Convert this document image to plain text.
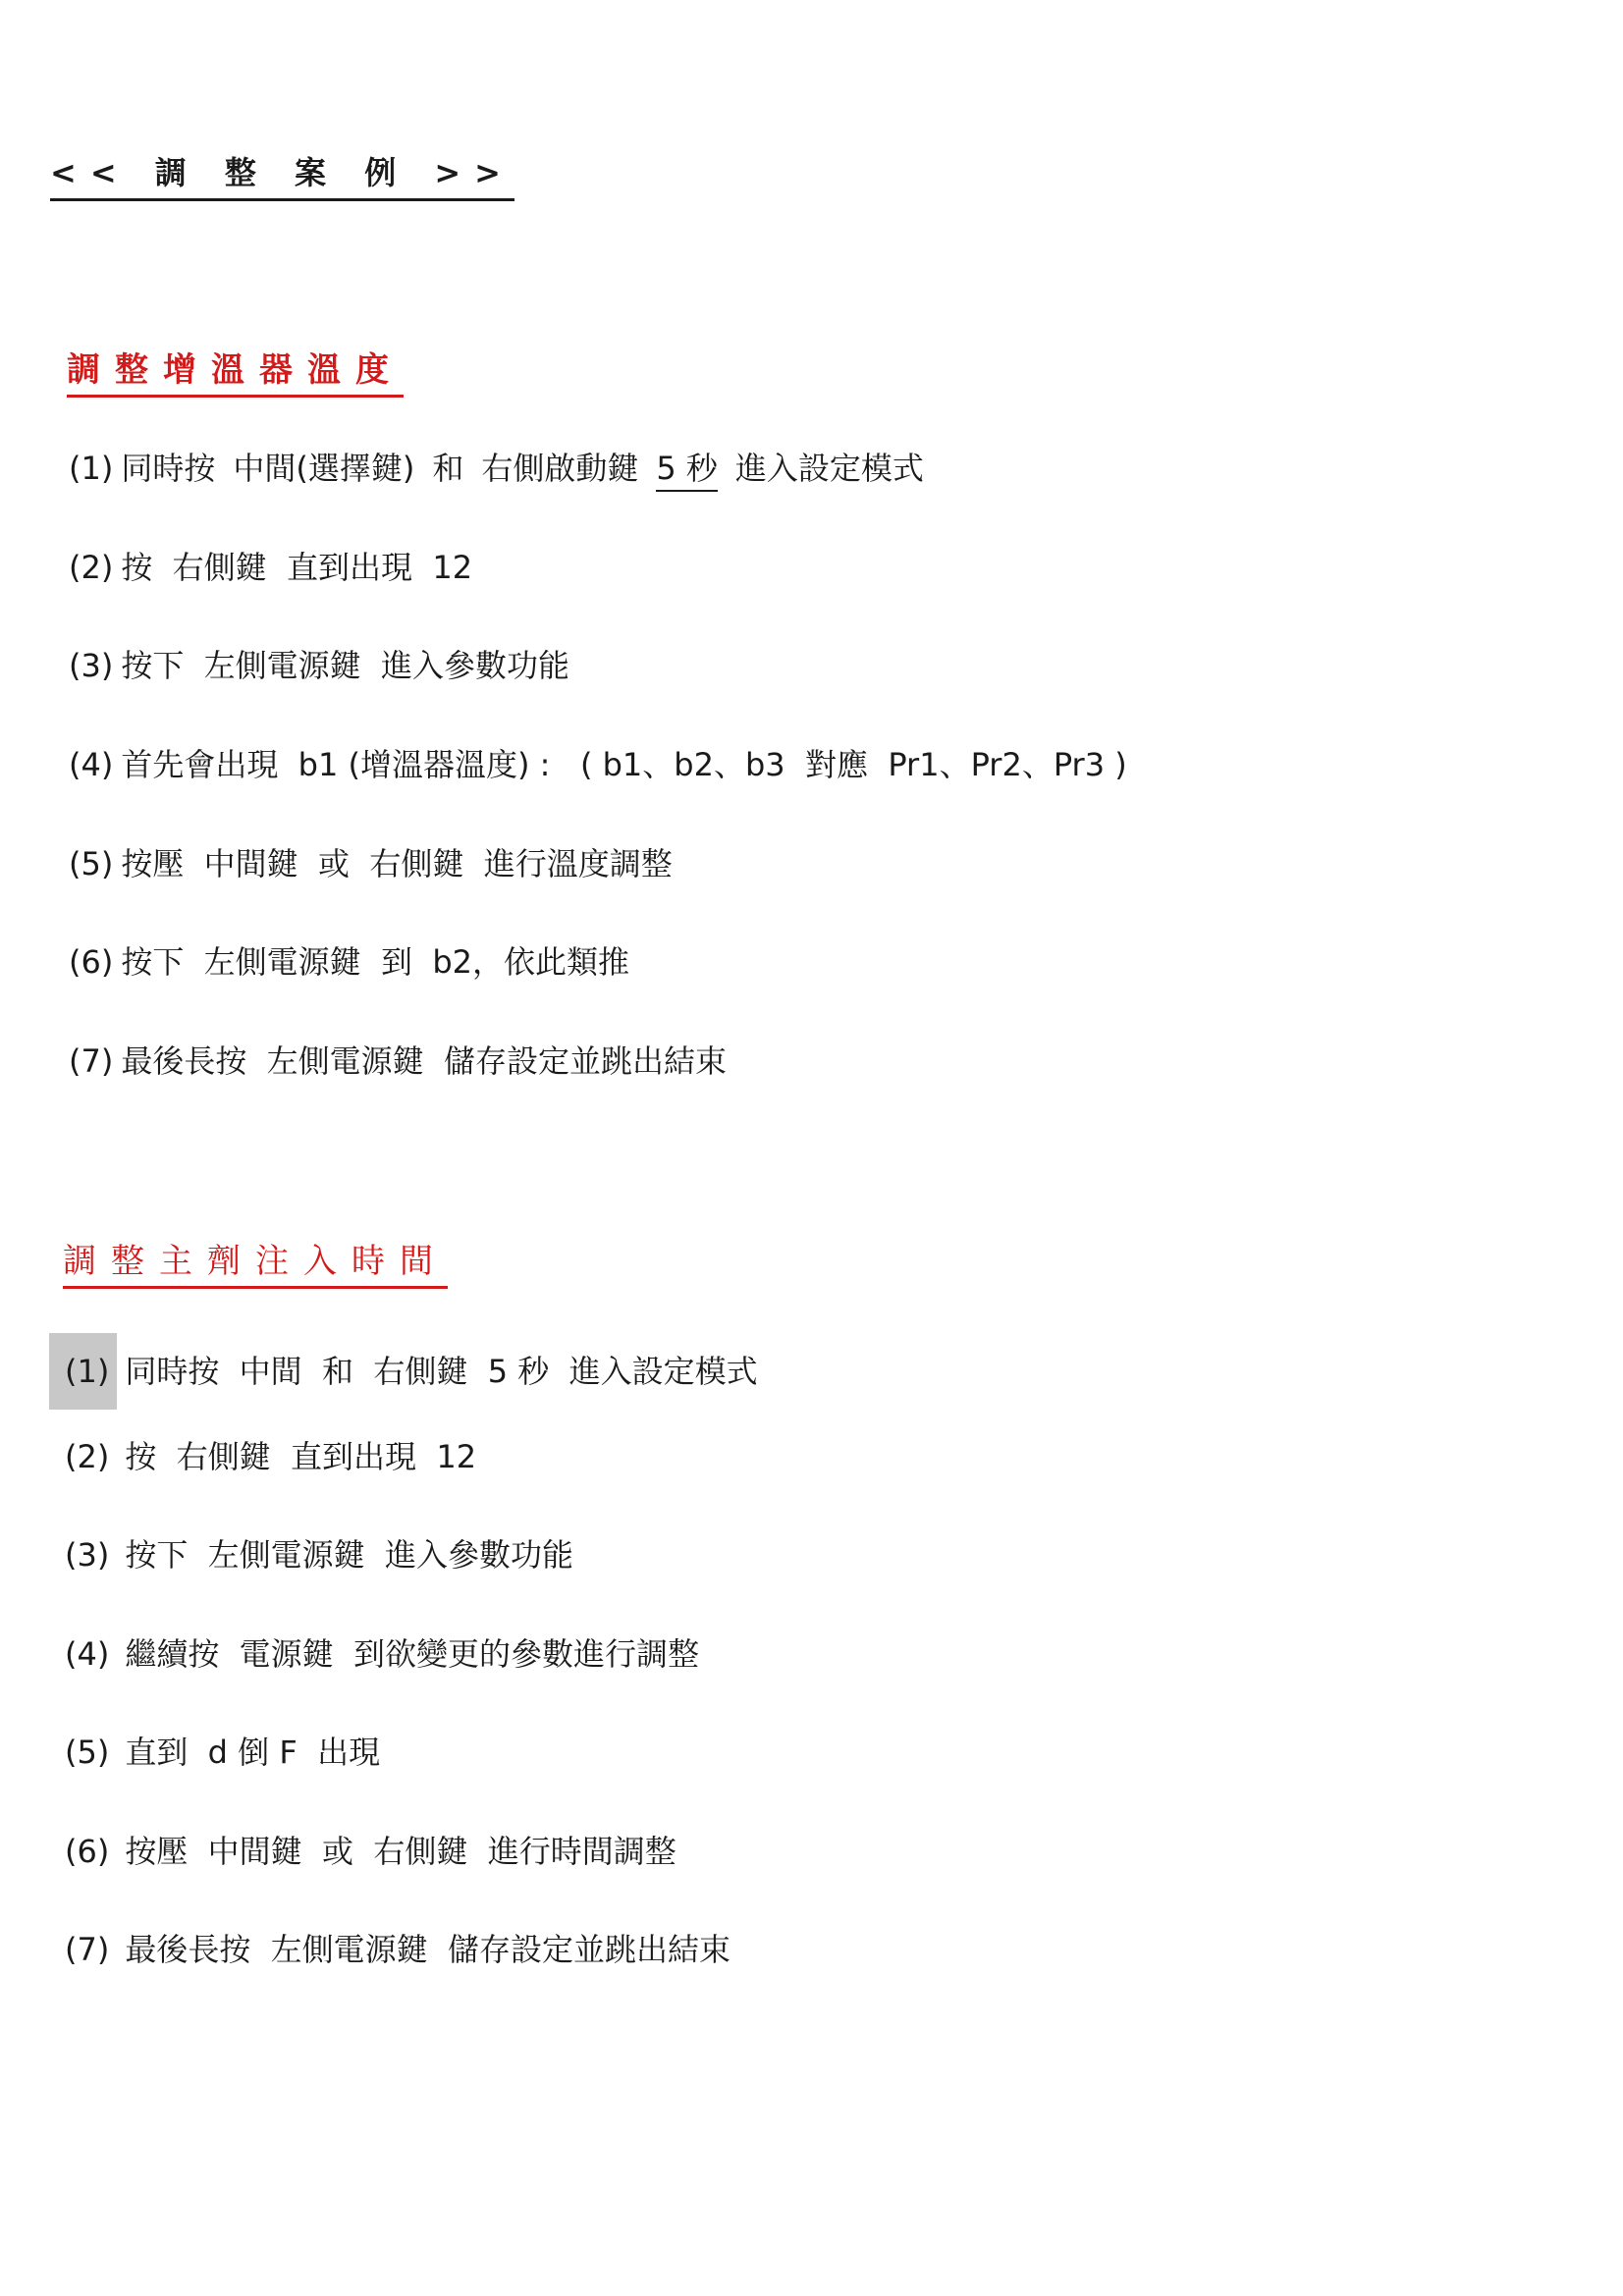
<< 調 整 案 例 >>
調整增溫器溫度
(1) 同時按 中間(選擇鍵) 和 右側啟動鍵 5 秒 進入設定模式
(2) 按  右側鍵  直到出現  12
(3) 按下  左側電源鍵  進入參數功能
(4) 首先會出現  b1 (增溫器溫度) :   ( b1、b2、b3  對應  Pr1、Pr2、Pr3 )
(5) 按壓  中間鍵  或  右側鍵  進行溫度調整
(6) 按下  左側電源鍵  到  b2，依此類推
(7) 最後長按  左側電源鍵  儲存設定並跳出結束
調整主劑注入時間
(1) 同時按  中間  和  右側鍵  5 秒  進入設定模式
(2) 按  右側鍵  直到出現  12
(3) 按下  左側電源鍵  進入參數功能
(4) 繼續按  電源鍵  到欲變更的參數進行調整
(5) 直到  d 倒 F  出現
(6) 按壓  中間鍵  或  右側鍵  進行時間調整
(7) 最後長按  左側電源鍵  儲存設定並跳出結束
